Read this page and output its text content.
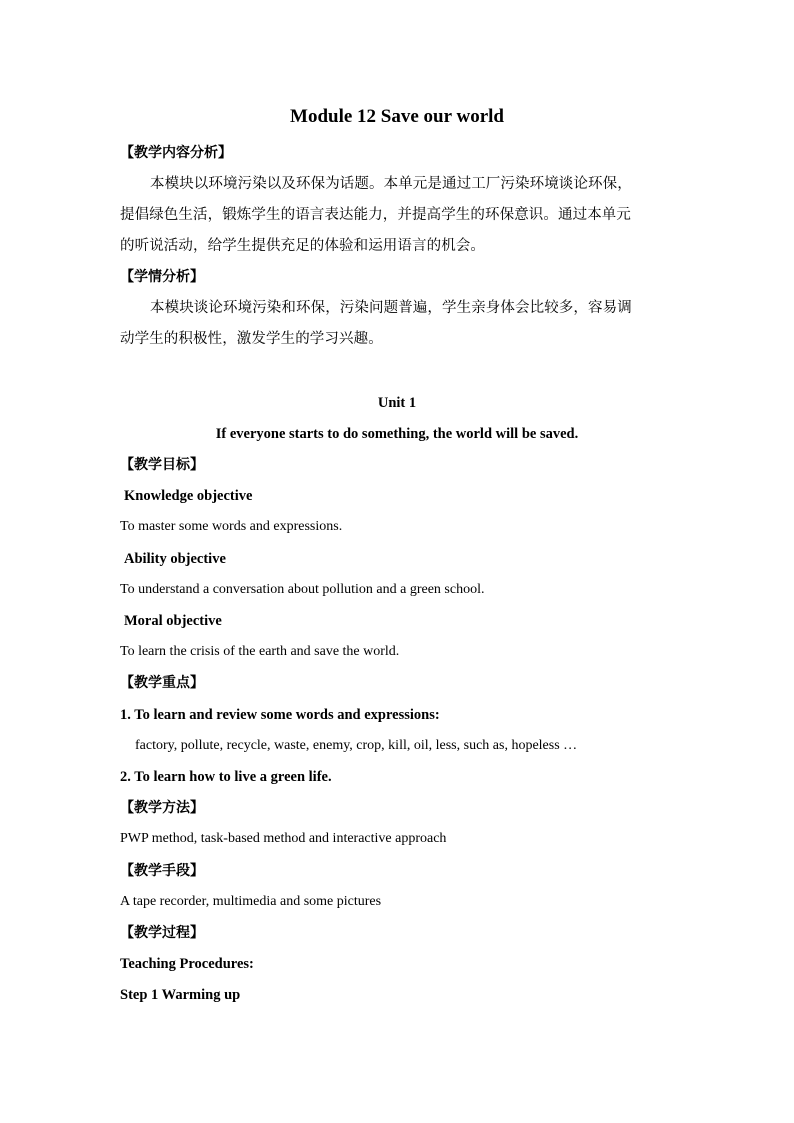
Module 12 Save our world
【教学内容分析】
本模块以环境污染以及环保为话题。本单元是通过工厂污染环境谈论环保，
提倡绿色生活，锻炼学生的语言表达能力，并提高学生的环保意识。通过本单元
的听说活动，给学生提供充足的体验和运用语言的机会。
【学情分析】
本模块谈论环境污染和环保，污染问题普遍，学生亲身体会比较多，容易调
动学生的积极性，激发学生的学习兴趣。
Unit 1
If everyone starts to do something, the world will be saved.
【教学目标】
Knowledge objective
To master some words and expressions.
Ability objective
To understand a conversation about pollution and a green school.
Moral objective
To learn the crisis of the earth and save the world.
【教学重点】
1. To learn and review some words and expressions:
factory, pollute, recycle, waste, enemy, crop, kill, oil, less, such as, hopeless …
2. To learn how to live a green life.
【教学方法】
PWP method, task-based method and interactive approach
【教学手段】
A tape recorder, multimedia and some pictures
【教学过程】
Teaching Procedures:
Step 1 Warming up
